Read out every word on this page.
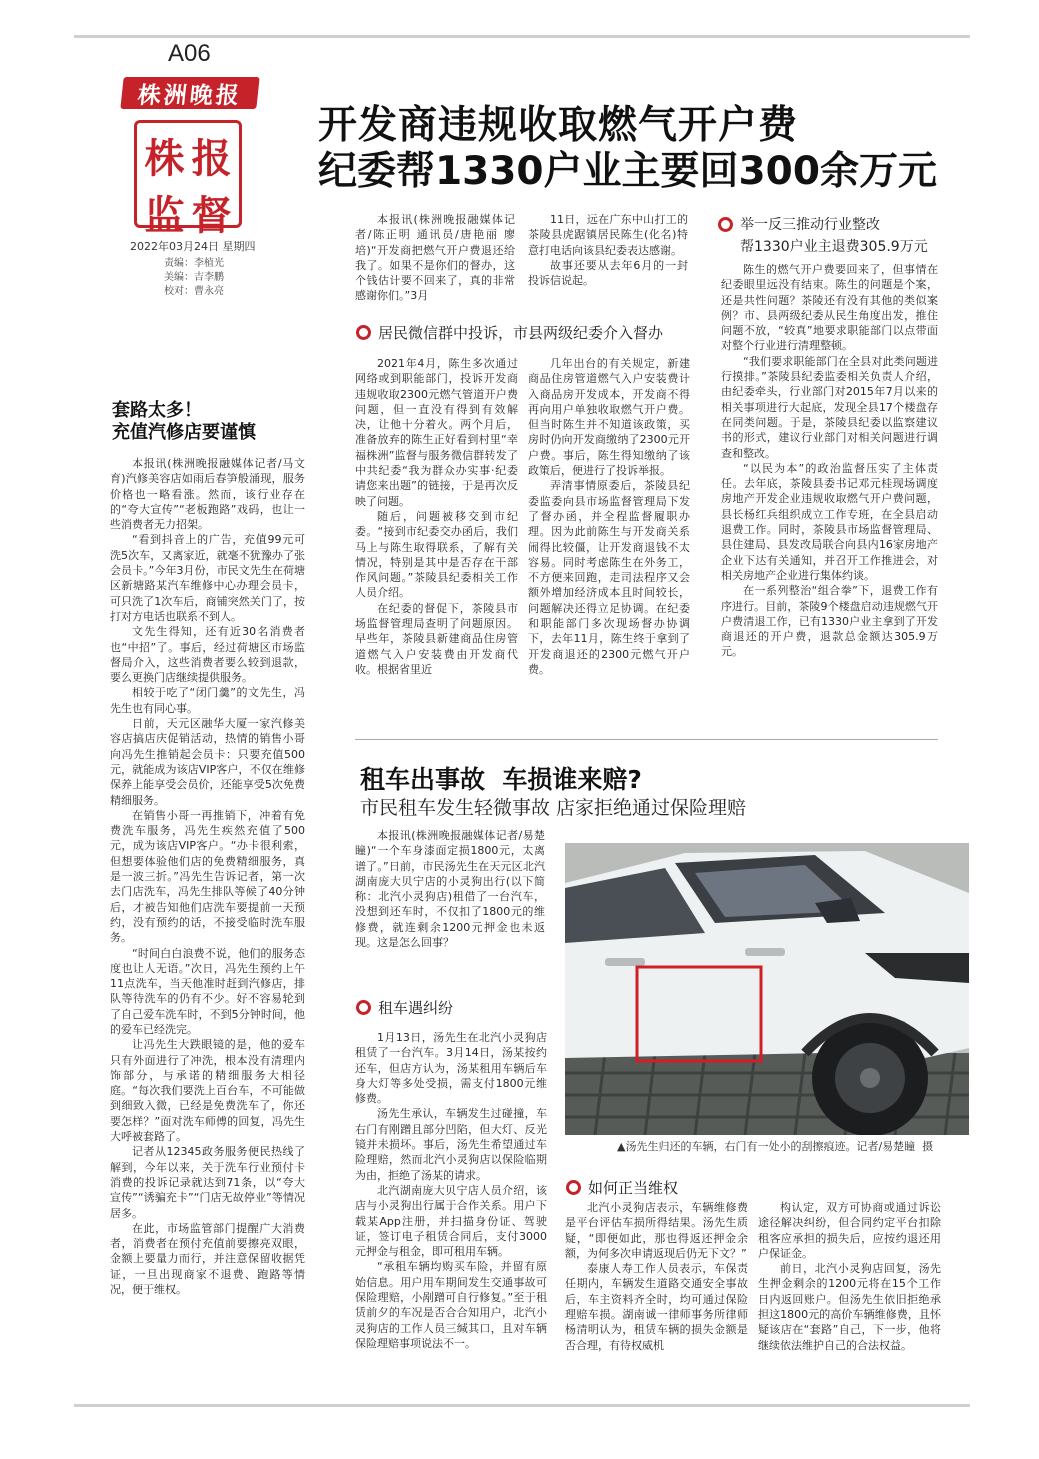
A06
株洲晚报
株 报
监 督
2022年03月24日 星期四
责编：李植光
美编：吉李鹏
校对：曹永亮
开发商违规收取燃气开户费
纪委帮1330户业主要回300余万元

本报讯(株洲晚报融媒体记者/陈正明 通讯员/唐艳丽 廖培)“开发商把燃气开户费退还给我了。如果不是你们的督办，这个钱估计要不回来了，真的非常感谢你们。”3月

11日，远在广东中山打工的茶陵县虎踞镇居民陈生(化名)特意打电话向该县纪委表达感谢。

故事还要从去年6月的一封投诉信说起。

居民微信群中投诉，市县两级纪委介入督办

2021年4月，陈生多次通过网络或到职能部门，投诉开发商违规收取2300元燃气管道开户费问题，但一直没有得到有效解决，让他十分着火。两个月后，准备放弃的陈生正好看到村里“幸福株洲”监督与服务微信群转发了中共纪委“我为群众办实事·纪委请您来出题”的链接，于是再次反映了问题。

随后，问题被移交到市纪委。“接到市纪委交办函后，我们马上与陈生取得联系，了解有关情况，特别是其中是否存在干部作风问题。”茶陵县纪委相关工作人员介绍。

在纪委的督促下，茶陵县市场监督管理局查明了问题原因。早些年，茶陵县新建商品住房管道燃气入户安装费由开发商代收。根据省里近

几年出台的有关规定，新建商品住房管道燃气入户安装费计入商品房开发成本，开发商不得再向用户单独收取燃气开户费。但当时陈生并不知道该政策，买房时仍向开发商缴纳了2300元开户费。事后，陈生得知缴纳了该政策后，便进行了投诉举报。

弄清事情原委后，茶陵县纪委监委向县市场监督管理局下发了督办函，并全程监督履职办理。因为此前陈生与开发商关系闹得比较僵，让开发商退钱不太容易。同时考虑陈生在外务工，不方便来回跑，走司法程序又会额外增加经济成本且时间较长，问题解决还得立足协调。在纪委和职能部门多次现场督办协调下，去年11月，陈生终于拿到了开发商退还的2300元燃气开户费。

举一反三推动行业整改
帮1330户业主退费305.9万元

陈生的燃气开户费要回来了，但事情在纪委眼里远没有结束。陈生的问题是个案，还是共性问题？茶陵还有没有其他的类似案例？市、县两级纪委从民生角度出发，推住问题不放，“较真”地要求职能部门以点带面对整个行业进行清理整顿。

“我们要求职能部门在全县对此类问题进行摸排。”茶陵县纪委监委相关负责人介绍，由纪委牵头，行业部门对2015年7月以来的相关事项进行大起底，发现全县17个楼盘存在同类问题。于是，茶陵县纪委以监察建议书的形式，建议行业部门对相关问题进行调查和整改。

“以民为本”的政治监督压实了主体责任。去年底，茶陵县委书记邓元桂现场调度房地产开发企业违规收取燃气开户费问题，县长杨红兵组织成立工作专班，在全县启动退费工作。同时，茶陵县市场监督管理局、县住建局、县发改局联合向县内16家房地产企业下达有关通知，并召开工作推进会，对相关房地产企业进行集体约谈。

在一系列整治“组合拳”下，退费工作有序进行。目前，茶陵9个楼盘启动违规燃气开户费清退工作，已有1330户业主拿到了开发商退还的开户费，退款总金额达305.9万元。

套路太多！
充值汽修店要谨慎

本报讯(株洲晚报融媒体记者/马文育)汽修美容店如雨后春笋般涌现，服务价格也一略看涨。然而，该行业存在的“夸大宣传”“老板跑路”戏码，也让一些消费者无力招架。

“看到抖音上的广告，充值99元可洗5次车，又离家近，就毫不犹豫办了张会员卡。”今年3月份，市民文先生在荷塘区新塘路某汽车维修中心办理会员卡，可只洗了1次车后，商铺突然关门了，按打对方电话也联系不到人。

文先生得知，还有近30名消费者也“中招”了。事后，经过荷塘区市场监督局介入，这些消费者要么较到退款，要么更换门店继续提供服务。

相较于吃了“闭门羹”的文先生，冯先生也有同心事。

日前，天元区融华大厦一家汽修美容店搞店庆促销活动，热情的销售小哥向冯先生推销起会员卡：只要充值500元，就能成为该店VIP客户，不仅在维修保养上能享受会员价，还能享受5次免费精细服务。

在销售小哥一再推销下，冲着有免费洗车服务，冯先生疾然充值了500元，成为该店VIP客户。“办卡很利索，但想要体验他们店的免费精细服务，真是一波三折。”冯先生告诉记者，第一次去门店洗车，冯先生排队等候了40分钟后，才被告知他们店洗车要提前一天预约，没有预约的话，不接受临时洗车服务。

“时间白白浪费不说，他们的服务态度也让人无语。”次日，冯先生预约上午11点洗车，当天他准时赶到汽修店，排队等待洗车的仍有不少。好不容易轮到了自己爱车洗车时，不到5分钟时间，他的爱车已经洗完。

让冯先生大跌眼镜的是，他的爱车只有外面进行了冲洗，根本没有清理内饰部分，与承诺的精细服务大相径庭。“每次我们要洗上百台车，不可能做到细致入微，已经是免费洗车了，你还要怎样？”面对洗车师傅的回复，冯先生大呼被套路了。

记者从12345政务服务便民热线了解到，今年以来，关于洗车行业预付卡消费的投诉记录就达到71条，以“夸大宣传”“诱骗充卡”“门店无故停业”等情况居多。

在此，市场监管部门提醒广大消费者，消费者在预付充值前要擦亮双眼，金额上要量力而行，并注意保留收据凭证，一旦出现商家不退费、跑路等情况，便于维权。

租车出事故  车损谁来赔?
市民租车发生轻微事故 店家拒绝通过保险理赔

本报讯(株洲晚报融媒体记者/易楚瞳)“一个车身漆面定损1800元，太离谱了。”日前，市民汤先生在天元区北汽湖南庞大贝宁店的小灵狗出行(以下简称：北汽小灵狗店)租借了一台汽车，没想到还车时，不仅扣了1800元的维修费，就连剩余1200元押金也未返现。这是怎么回事？

租车遇纠纷

1月13日，汤先生在北汽小灵狗店租赁了一台汽车。3月14日，汤某按约还车，但店方认为，汤某租用车辆后车身大灯等多处受损，需支付1800元维修费。

汤先生承认，车辆发生过碰撞，车右门有刚蹭且部分凹陷，但大灯、反光镜并未损坏。事后，汤先生希望通过车险理赔，然而北汽小灵狗店以保险临期为由，拒绝了汤某的请求。

北汽湖南庞大贝宁店人员介绍，该店与小灵狗出行属于合作关系。用户下载某App注册，并扫描身份证、驾驶证，签订电子租赁合同后，支付3000元押金与租金，即可租用车辆。

“承租车辆均购买车险，并留有原始信息。用户用车期间发生交通事故可保险理赔，小剐蹭可自行修复。”至于租赁前夕的车况是否合合知用户，北汽小灵狗店的工作人员三缄其口，且对车辆保险理赔事项说法不一。

▲汤先生归还的车辆，右门有一处小的刮擦痕迹。记者/易楚瞳  摄
如何正当维权

北汽小灵狗店表示，车辆维修费是平台评估车损所得结果。汤先生质疑，“即便如此，那也得返还押金余额，为何多次申请返现后仍无下文？”

泰康人寿工作人员表示，车保责任期内，车辆发生道路交通安全事故后，车主资料齐全时，均可通过保险理赔车损。湖南诚一律师事务所律师杨清明认为，租赁车辆的损失金额是否合理，有待权威机

构认定，双方可协商或通过诉讼途径解决纠纷，但合同约定平台扣除租客应承担的损失后，应按约退还用户保证金。

前日，北汽小灵狗店回复，汤先生押金剩余的1200元将在15个工作日内返回账户。但汤先生依旧拒绝承担这1800元的高价车辆维修费，且怀疑该店在“套路”自己，下一步，他将继续依法维护自己的合法权益。
